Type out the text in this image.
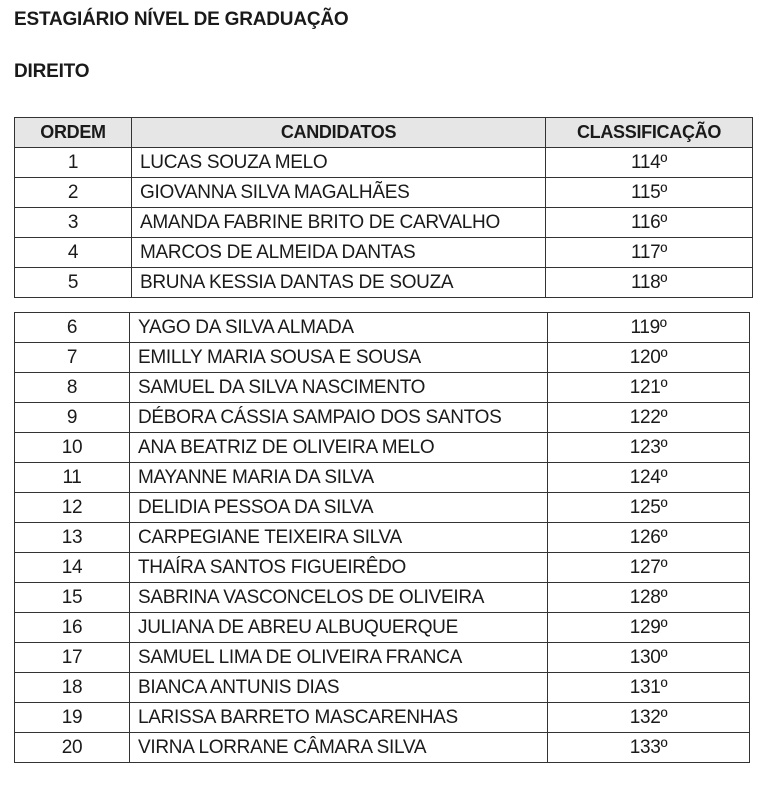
ESTAGIÁRIO NÍVEL DE GRADUAÇÃO
DIREITO
ORDEM	CANDIDATOS	CLASSIFICAÇÃO
1	LUCAS SOUZA MELO	114º
2	GIOVANNA SILVA MAGALHÃES	115º
3	AMANDA FABRINE BRITO DE CARVALHO	116º
4	MARCOS DE ALMEIDA DANTAS	117º
5	BRUNA KESSIA DANTAS DE SOUZA	118º
6	YAGO DA SILVA ALMADA	119º
7	EMILLY MARIA SOUSA E SOUSA	120º
8	SAMUEL DA SILVA NASCIMENTO	121º
9	DÉBORA CÁSSIA SAMPAIO DOS SANTOS	122º
10	ANA BEATRIZ DE OLIVEIRA MELO	123º
11	MAYANNE MARIA DA SILVA	124º
12	DELIDIA PESSOA DA SILVA	125º
13	CARPEGIANE TEIXEIRA SILVA	126º
14	THAÍRA SANTOS FIGUEIRÊDO	127º
15	SABRINA VASCONCELOS DE OLIVEIRA	128º
16	JULIANA DE ABREU ALBUQUERQUE	129º
17	SAMUEL LIMA DE OLIVEIRA FRANCA	130º
18	BIANCA ANTUNIS DIAS	131º
19	LARISSA BARRETO MASCARENHAS	132º
20	VIRNA LORRANE CÂMARA SILVA	133º
